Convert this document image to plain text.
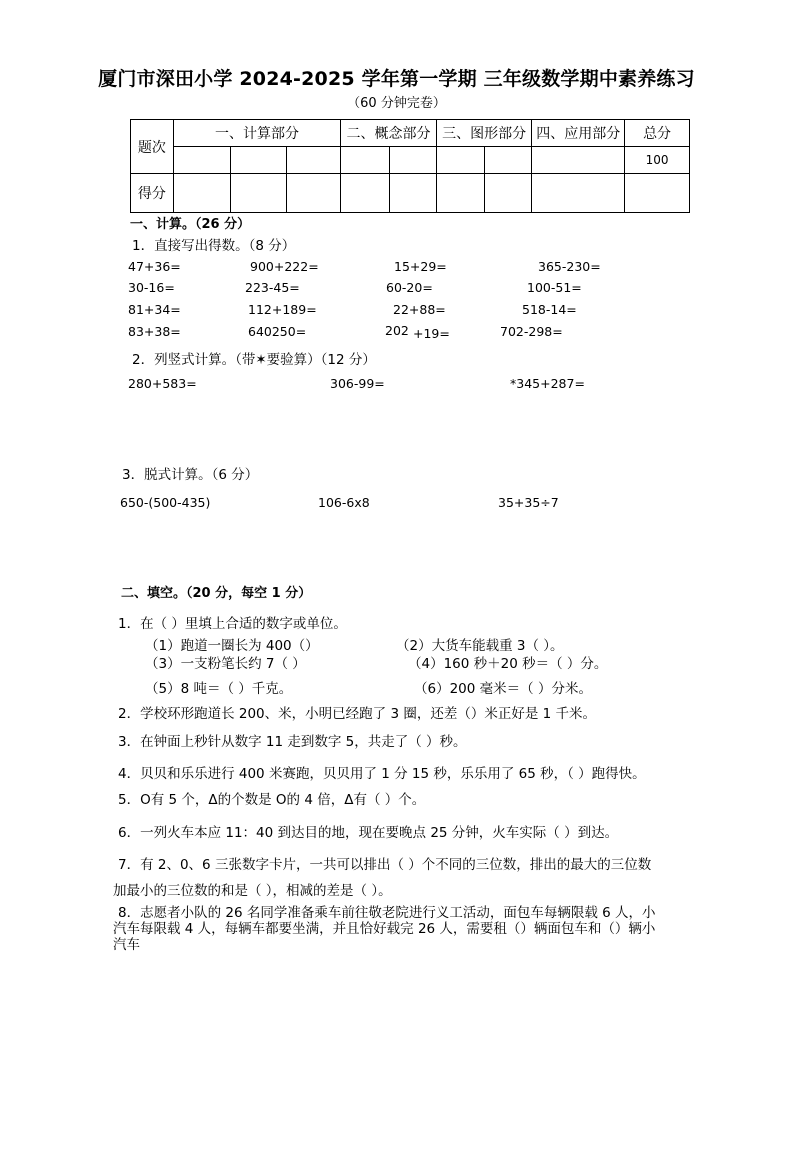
厦门市深田小学 2024-2025 学年第一学期 三年级数学期中素养练习
（60 分钟完卷）
题次	一、计算部分			二、概念部分		三、图形部分		四、应用部分	总分
									100
得分									
一、计算。（26 分）
1．直接写出得数。（8 分）
47+36=	900+222=	15+29=	365-230=
30-16=	223-45=	60-20=	100-51=
81+34=	112+189=	22+88=	518-14=
83+38=	640250=	202 +19=	702-298=
2．列竖式计算。（带✶要验算）（12 分）
280+583=	306-99=	*345+287=
3．脱式计算。（6 分）
650-(500-435)	106-6x8	35+35÷7
二、填空。（20 分，每空 1 分）
1．在（ ）里填上合适的数字或单位。
（1）跑道一圈长为 400（）	（2）大货车能载重 3（ ）。
（3）一支粉笔长约 7（ ）	（4）160 秒＋20 秒＝（ ）分。
（5）8 吨＝（ ）千克。	（6）200 毫米＝（ ）分米。
2．学校环形跑道长 200、米，小明已经跑了 3 圈，还差（）米正好是 1 千米。
3．在钟面上秒针从数字 11 走到数字 5，共走了（ ）秒。
4．贝贝和乐乐进行 400 米赛跑，贝贝用了 1 分 15 秒，乐乐用了 65 秒，（ ）跑得快。
5．O有 5 个，Δ的个数是 O的 4 倍，Δ有（ ）个。
6．一列火车本应 11：40 到达目的地，现在要晚点 25 分钟，火车实际（ ）到达。
7．有 2、0、6 三张数字卡片，一共可以排出（ ）个不同的三位数，排出的最大的三位数
加最小的三位数的和是（ ），相减的差是（ ）。
8．志愿者小队的 26 名同学准备乘车前往敬老院进行义工活动，面包车每辆限载 6 人，小
汽车每限载 4 人，每辆车都要坐满，并且恰好载完 26 人，需要租（）辆面包车和（）辆小
汽车
